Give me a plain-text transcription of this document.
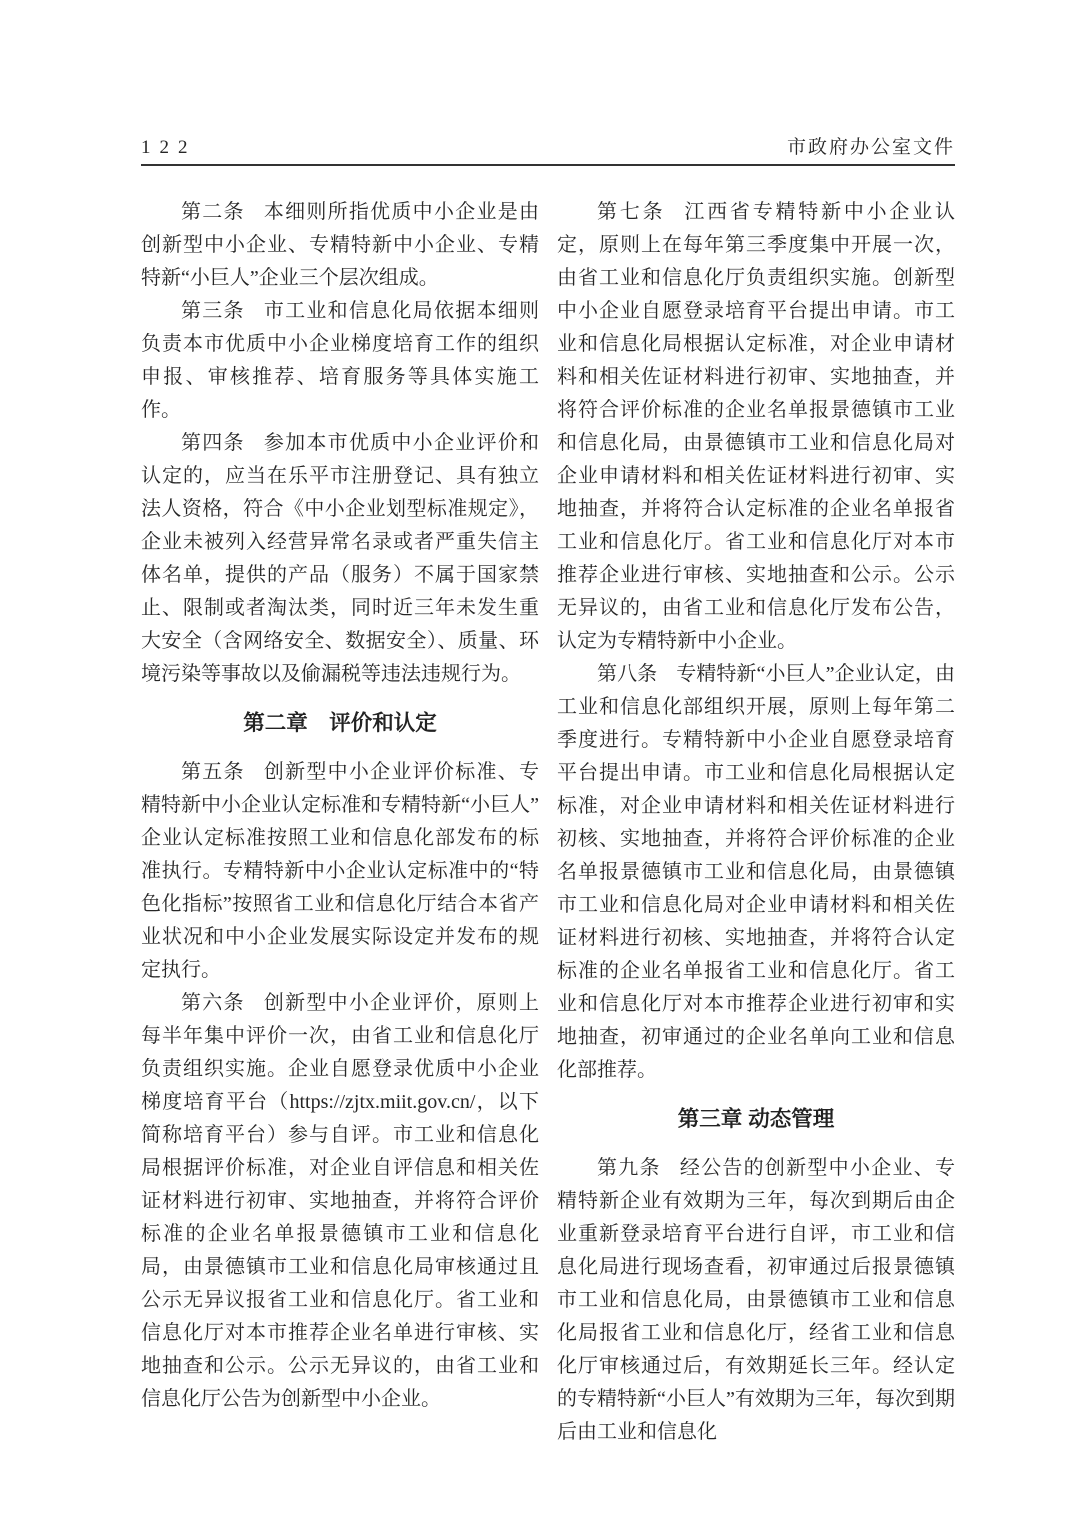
122	市政府办公室文件

第二条 本细则所指优质中小企业是由创新型中小企业、专精特新中小企业、专精特新“小巨人”企业三个层次组成。

第三条 市工业和信息化局依据本细则负责本市优质中小企业梯度培育工作的组织申报、审核推荐、培育服务等具体实施工作。

第四条 参加本市优质中小企业评价和认定的，应当在乐平市注册登记、具有独立法人资格，符合《中小企业划型标准规定》，企业未被列入经营异常名录或者严重失信主体名单，提供的产品（服务）不属于国家禁止、限制或者淘汰类，同时近三年未发生重大安全（含网络安全、数据安全）、质量、环境污染等事故以及偷漏税等违法违规行为。

第二章　评价和认定

第五条 创新型中小企业评价标准、专精特新中小企业认定标准和专精特新“小巨人”企业认定标准按照工业和信息化部发布的标准执行。专精特新中小企业认定标准中的“特色化指标”按照省工业和信息化厅结合本省产业状况和中小企业发展实际设定并发布的规定执行。

第六条 创新型中小企业评价，原则上每半年集中评价一次，由省工业和信息化厅负责组织实施。企业自愿登录优质中小企业梯度培育平台（https://zjtx.miit.gov.cn/，以下简称培育平台）参与自评。市工业和信息化局根据评价标准，对企业自评信息和相关佐证材料进行初审、实地抽查，并将符合评价标准的企业名单报景德镇市工业和信息化局，由景德镇市工业和信息化局审核通过且公示无异议报省工业和信息化厅。省工业和信息化厅对本市推荐企业名单进行审核、实地抽查和公示。公示无异议的，由省工业和信息化厅公告为创新型中小企业。

第七条 江西省专精特新中小企业认定，原则上在每年第三季度集中开展一次，由省工业和信息化厅负责组织实施。创新型中小企业自愿登录培育平台提出申请。市工业和信息化局根据认定标准，对企业申请材料和相关佐证材料进行初审、实地抽查，并将符合评价标准的企业名单报景德镇市工业和信息化局，由景德镇市工业和信息化局对企业申请材料和相关佐证材料进行初审、实地抽查，并将符合认定标准的企业名单报省工业和信息化厅。省工业和信息化厅对本市推荐企业进行审核、实地抽查和公示。公示无异议的，由省工业和信息化厅发布公告，认定为专精特新中小企业。

第八条 专精特新“小巨人”企业认定，由工业和信息化部组织开展，原则上每年第二季度进行。专精特新中小企业自愿登录培育平台提出申请。市工业和信息化局根据认定标准，对企业申请材料和相关佐证材料进行初核、实地抽查，并将符合评价标准的企业名单报景德镇市工业和信息化局，由景德镇市工业和信息化局对企业申请材料和相关佐证材料进行初核、实地抽查，并将符合认定标准的企业名单报省工业和信息化厅。省工业和信息化厅对本市推荐企业进行初审和实地抽查，初审通过的企业名单向工业和信息化部推荐。

第三章 动态管理

第九条 经公告的创新型中小企业、专精特新企业有效期为三年，每次到期后由企业重新登录培育平台进行自评，市工业和信息化局进行现场查看，初审通过后报景德镇市工业和信息化局，由景德镇市工业和信息化局报省工业和信息化厅，经省工业和信息化厅审核通过后，有效期延长三年。经认定的专精特新“小巨人”有效期为三年，每次到期后由工业和信息化
